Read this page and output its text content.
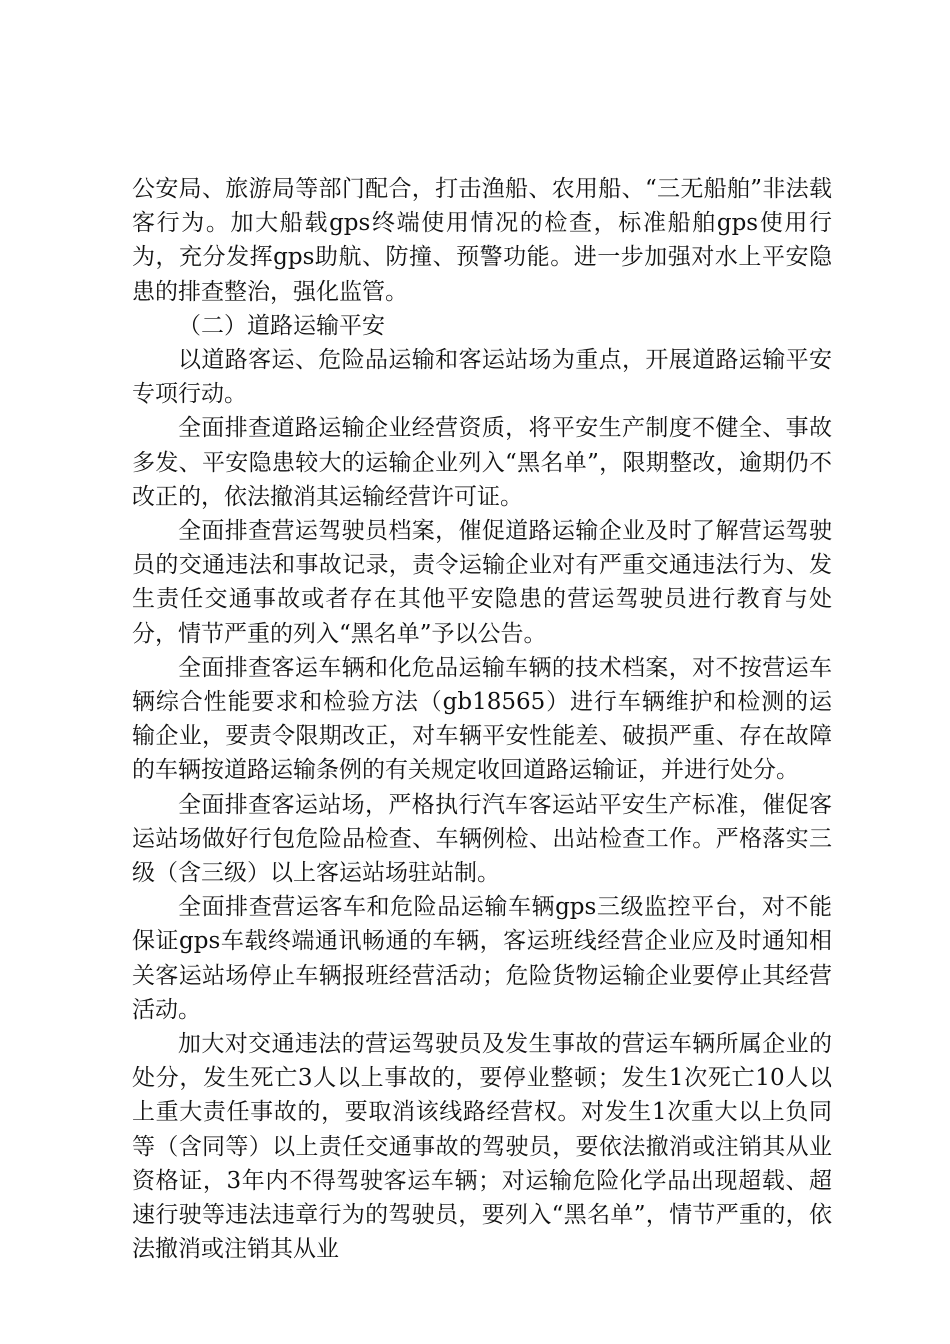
公安局、旅游局等部门配合，打击渔船、农用船、“三无船舶”非法载客行为。加大船载gps终端使用情况的检查，标准船舶gps使用行为，充分发挥gps助航、防撞、预警功能。进一步加强对水上平安隐患的排查整治，强化监管。

（二）道路运输平安

以道路客运、危险品运输和客运站场为重点，开展道路运输平安专项行动。

全面排查道路运输企业经营资质，将平安生产制度不健全、事故多发、平安隐患较大的运输企业列入“黑名单”，限期整改，逾期仍不改正的，依法撤消其运输经营许可证。

全面排查营运驾驶员档案，催促道路运输企业及时了解营运驾驶员的交通违法和事故记录，责令运输企业对有严重交通违法行为、发生责任交通事故或者存在其他平安隐患的营运驾驶员进行教育与处分，情节严重的列入“黑名单”予以公告。

全面排查客运车辆和化危品运输车辆的技术档案，对不按营运车辆综合性能要求和检验方法（gb18565）进行车辆维护和检测的运输企业，要责令限期改正，对车辆平安性能差、破损严重、存在故障的车辆按道路运输条例的有关规定收回道路运输证，并进行处分。

全面排查客运站场，严格执行汽车客运站平安生产标准，催促客运站场做好行包危险品检查、车辆例检、出站检查工作。严格落实三级（含三级）以上客运站场驻站制。

全面排查营运客车和危险品运输车辆gps三级监控平台，对不能保证gps车载终端通讯畅通的车辆，客运班线经营企业应及时通知相关客运站场停止车辆报班经营活动；危险货物运输企业要停止其经营活动。

加大对交通违法的营运驾驶员及发生事故的营运车辆所属企业的处分，发生死亡3人以上事故的，要停业整顿；发生1次死亡10人以上重大责任事故的，要取消该线路经营权。对发生1次重大以上负同等（含同等）以上责任交通事故的驾驶员，要依法撤消或注销其从业资格证，3年内不得驾驶客运车辆；对运输危险化学品出现超载、超速行驶等违法违章行为的驾驶员，要列入“黑名单”，情节严重的，依法撤消或注销其从业
